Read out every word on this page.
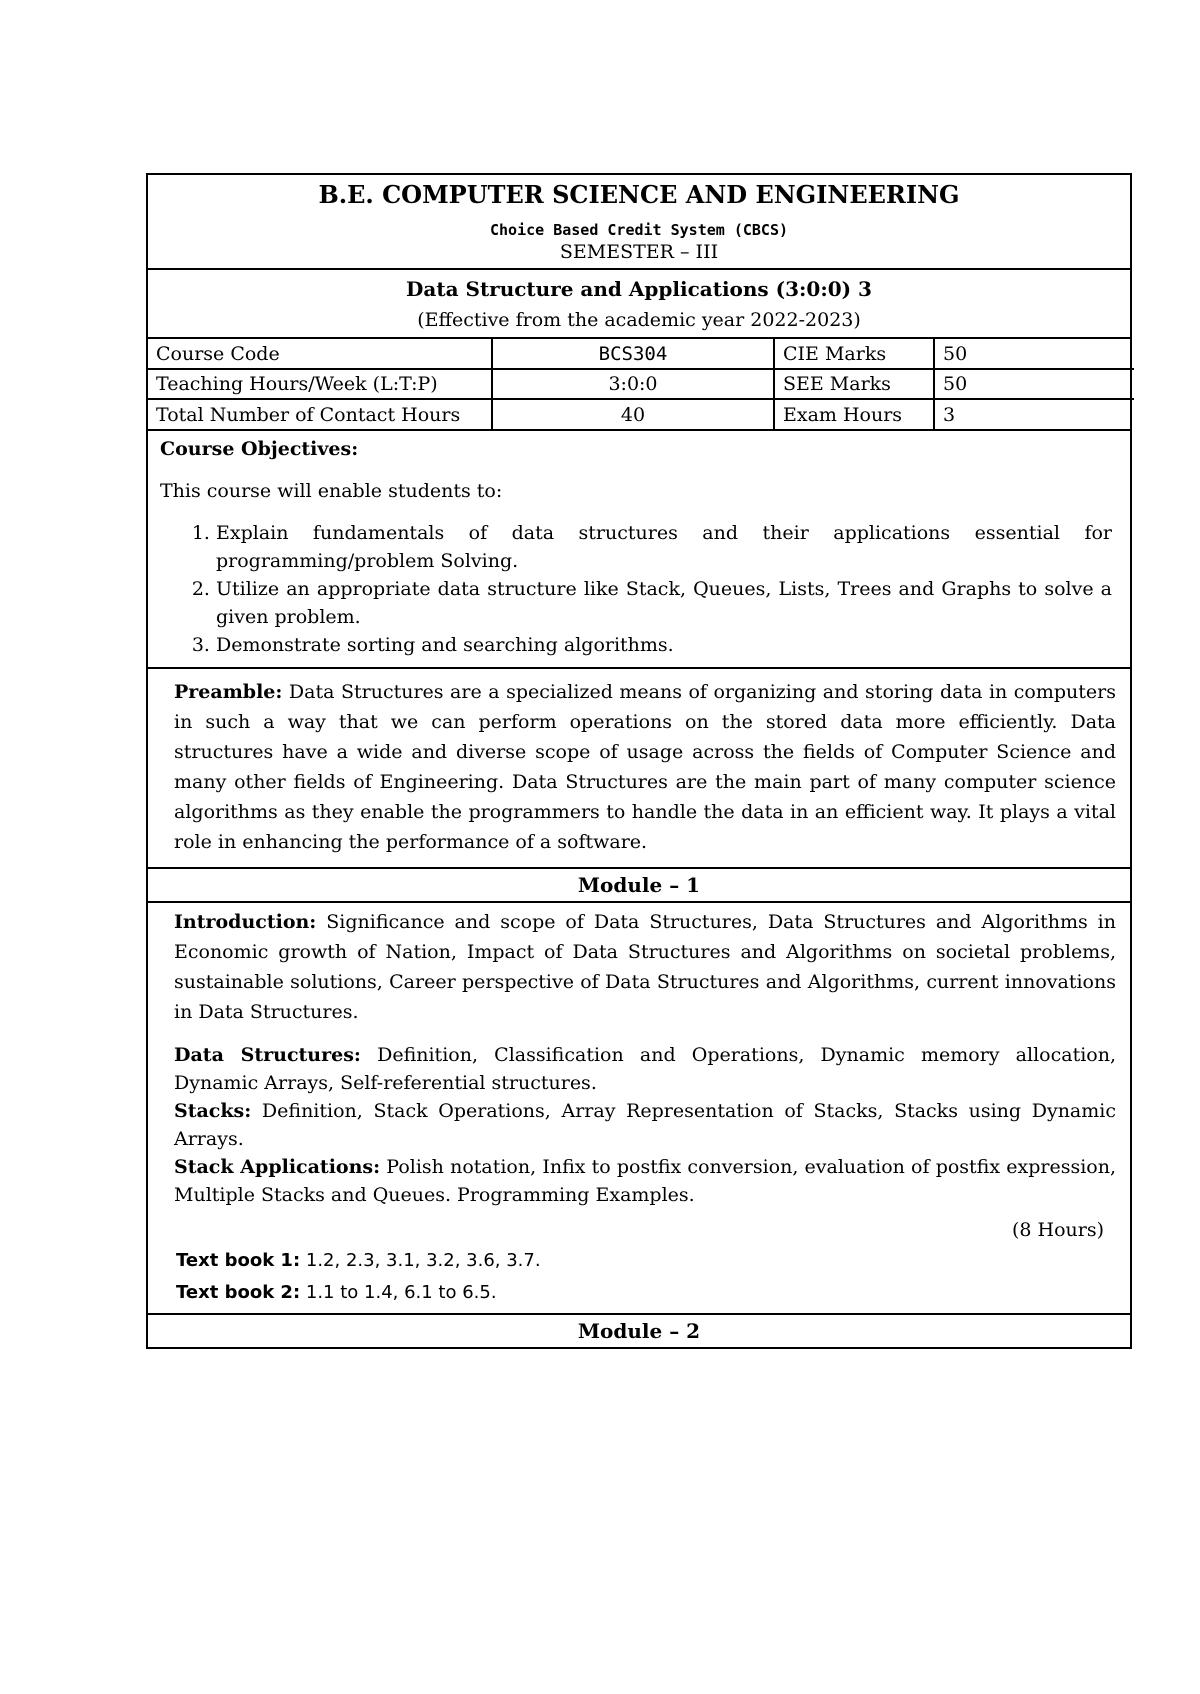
B.E. COMPUTER SCIENCE AND ENGINEERING
Choice Based Credit System (CBCS)
SEMESTER – III
Data Structure and Applications (3:0:0) 3
(Effective from the academic year 2022-2023)
Course Code	BCS304	CIE Marks	50
Teaching Hours/Week (L:T:P)	3:0:0	SEE Marks	50
Total Number of Contact Hours	40	Exam Hours	3
Course Objectives:
This course will enable students to:
1. Explain fundamentals of data structures and their applications essential for programming/problem Solving.
2. Utilize an appropriate data structure like Stack, Queues, Lists, Trees and Graphs to solve a given problem.
3. Demonstrate sorting and searching algorithms.
Preamble: Data Structures are a specialized means of organizing and storing data in computers in such a way that we can perform operations on the stored data more efficiently. Data structures have a wide and diverse scope of usage across the fields of Computer Science and many other fields of Engineering. Data Structures are the main part of many computer science algorithms as they enable the programmers to handle the data in an efficient way. It plays a vital role in enhancing the performance of a software.
Module – 1

Introduction: Significance and scope of Data Structures, Data Structures and Algorithms in Economic growth of Nation, Impact of Data Structures and Algorithms on societal problems, sustainable solutions, Career perspective of Data Structures and Algorithms, current innovations in Data Structures.

Data Structures: Definition, Classification and Operations, Dynamic memory allocation, Dynamic Arrays, Self-referential structures.

Stacks: Definition, Stack Operations, Array Representation of Stacks, Stacks using Dynamic Arrays.

Stack Applications: Polish notation, Infix to postfix conversion, evaluation of postfix expression, Multiple Stacks and Queues. Programming Examples.

(8 Hours)
Text book 1: 1.2, 2.3, 3.1, 3.2, 3.6, 3.7.
Text book 2: 1.1 to 1.4, 6.1 to 6.5.
Module – 2
